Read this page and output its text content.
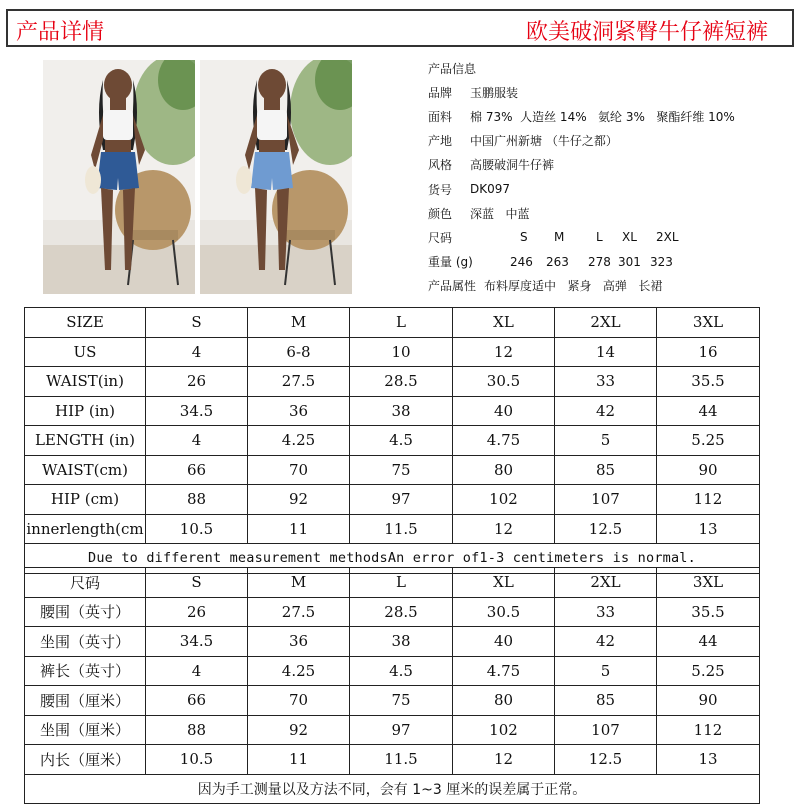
产品详情	欧美破洞紧臀牛仔裤短裤
产品信息
品牌	玉鹏服装
面料	棉 73%  人造丝 14%   氨纶 3%   聚酯纤维 10%
产地	中国广州新塘 （牛仔之都）
风格	高腰破洞牛仔裤
货号	DK097
颜色	深蓝   中蓝
尺码	S	M	L	XL	2XL
重量 (g)	246	263	278 301 323
产品属性 布料厚度适中   紧身   高弹   长裙
SIZE	S	M	L	XL	2XL	3XL
US	4	6-8	10	12	14	16
WAIST(in)	26	27.5	28.5	30.5	33	35.5
HIP (in)	34.5	36	38	40	42	44
LENGTH (in)	4	4.25	4.5	4.75	5	5.25
WAIST(cm)	66	70	75	80	85	90
HIP (cm)	88	92	97	102	107	112
innerlength(cm	10.5	11	11.5	12	12.5	13
Due to different measurement methodsAn error of1-3 centimeters is normal.						
尺码	S	M	L	XL	2XL	3XL
腰围（英寸）	26	27.5	28.5	30.5	33	35.5
坐围（英寸）	34.5	36	38	40	42	44
裤长（英寸）	4	4.25	4.5	4.75	5	5.25
腰围（厘米）	66	70	75	80	85	90
坐围（厘米）	88	92	97	102	107	112
内长（厘米）	10.5	11	11.5	12	12.5	13
因为手工测量以及方法不同，会有 1~3 厘米的误差属于正常。						
